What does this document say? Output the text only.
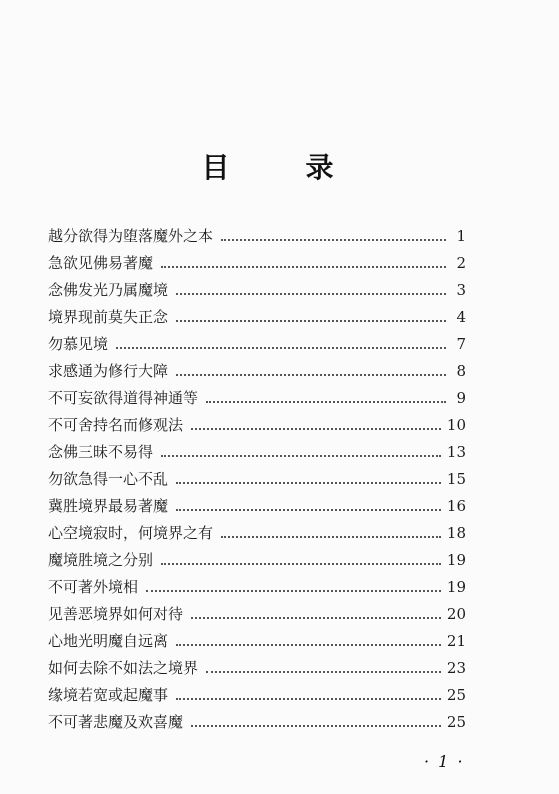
目　录
越分欲得为堕落魔外之本	1
急欲见佛易著魔	2
念佛发光乃属魔境	3
境界现前莫失正念	4
勿慕见境	7
求感通为修行大障	8
不可妄欲得道得神通等	9
不可舍持名而修观法	10
念佛三昧不易得	13
勿欲急得一心不乱	15
冀胜境界最易著魔	16
心空境寂时，何境界之有	18
魔境胜境之分别	19
不可著外境相	19
见善恶境界如何对待	20
心地光明魔自远离	21
如何去除不如法之境界	23
缘境若宽或起魔事	25
不可著悲魔及欢喜魔	25
· 1 ·
